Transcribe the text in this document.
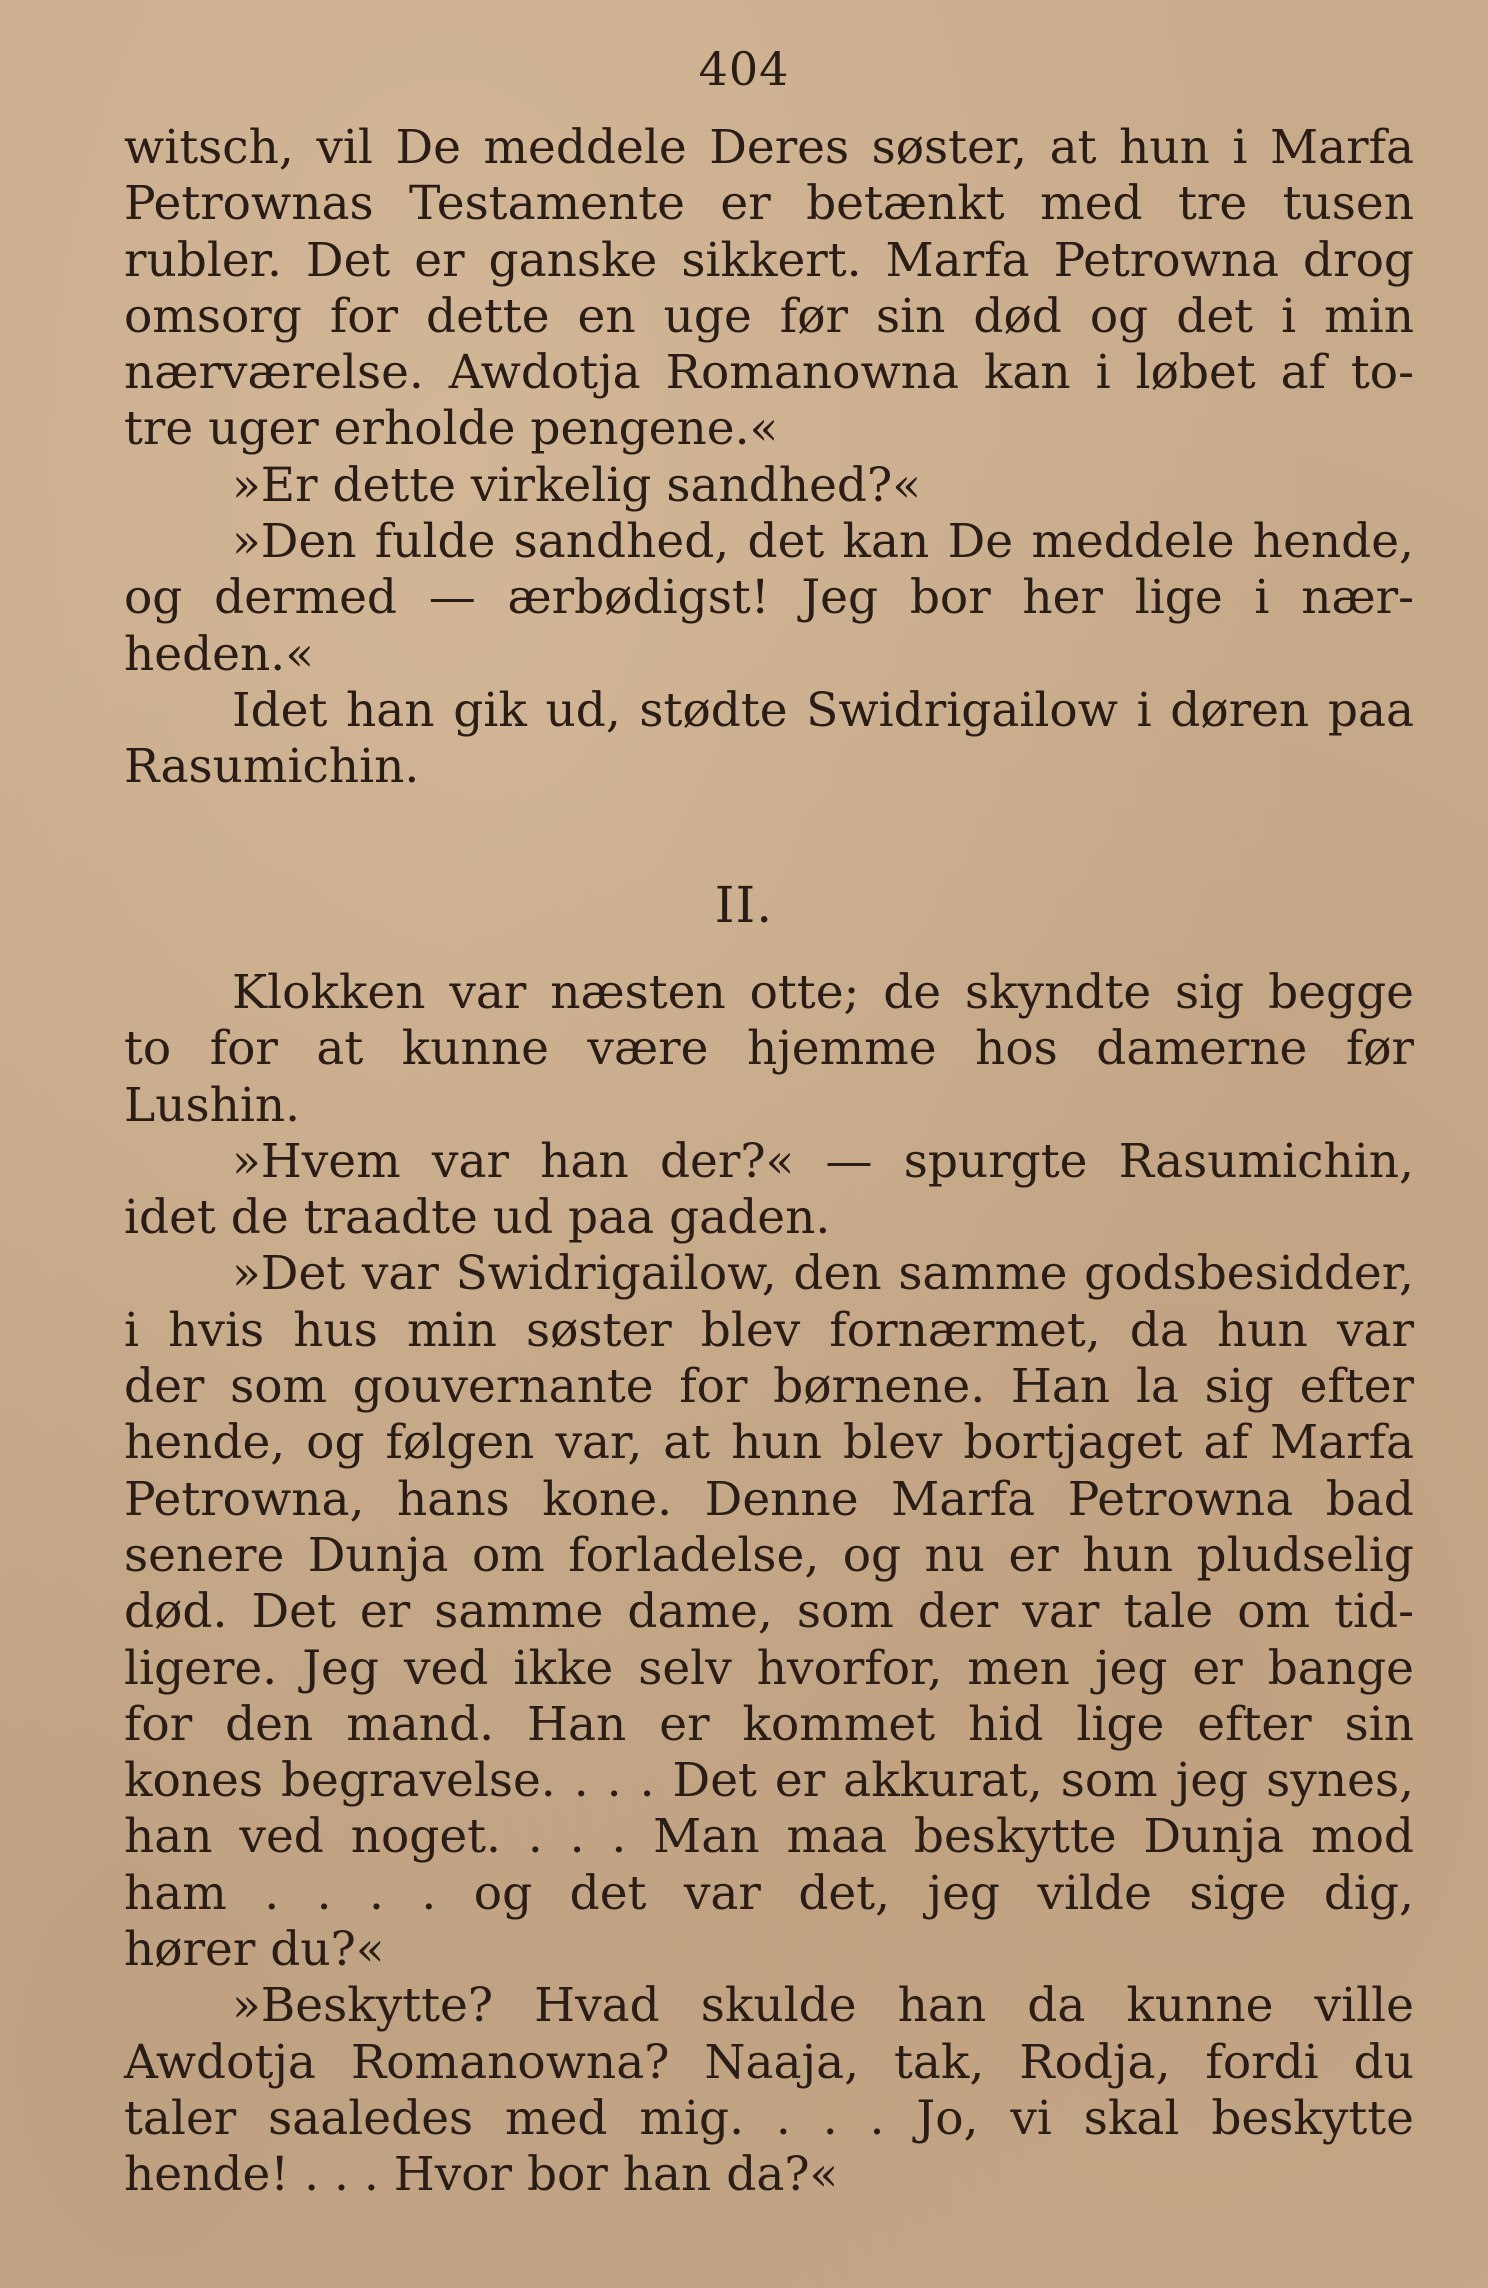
404
witsch, vil De meddele Deres søster, at hun i Marfa
Petrownas Testamente er betænkt med tre tusen
rubler. Det er ganske sikkert. Marfa Petrowna drog
omsorg for dette en uge før sin død og det i min
nærværelse. Awdotja Romanowna kan i løbet af to-
tre uger erholde pengene.«
»Er dette virkelig sandhed?«
»Den fulde sandhed, det kan De meddele hende,
og dermed — ærbødigst! Jeg bor her lige i nær-
heden.«
Idet han gik ud, stødte Swidrigailow i døren paa
Rasumichin.
II.
Klokken var næsten otte; de skyndte sig begge
to for at kunne være hjemme hos damerne før
Lushin.
»Hvem var han der?« — spurgte Rasumichin,
idet de traadte ud paa gaden.
»Det var Swidrigailow, den samme godsbesidder,
i hvis hus min søster blev fornærmet, da hun var
der som gouvernante for børnene. Han la sig efter
hende, og følgen var, at hun blev bortjaget af Marfa
Petrowna, hans kone. Denne Marfa Petrowna bad
senere Dunja om forladelse, og nu er hun pludselig
død. Det er samme dame, som der var tale om tid-
ligere. Jeg ved ikke selv hvorfor, men jeg er bange
for den mand. Han er kommet hid lige efter sin
kones begravelse. . . . Det er akkurat, som jeg synes,
han ved noget. . . . Man maa beskytte Dunja mod
ham . . . . og det var det, jeg vilde sige dig,
hører du?«
»Beskytte? Hvad skulde han da kunne ville
Awdotja Romanowna? Naaja, tak, Rodja, fordi du
taler saaledes med mig. . . . Jo, vi skal beskytte
hende! . . . Hvor bor han da?«
